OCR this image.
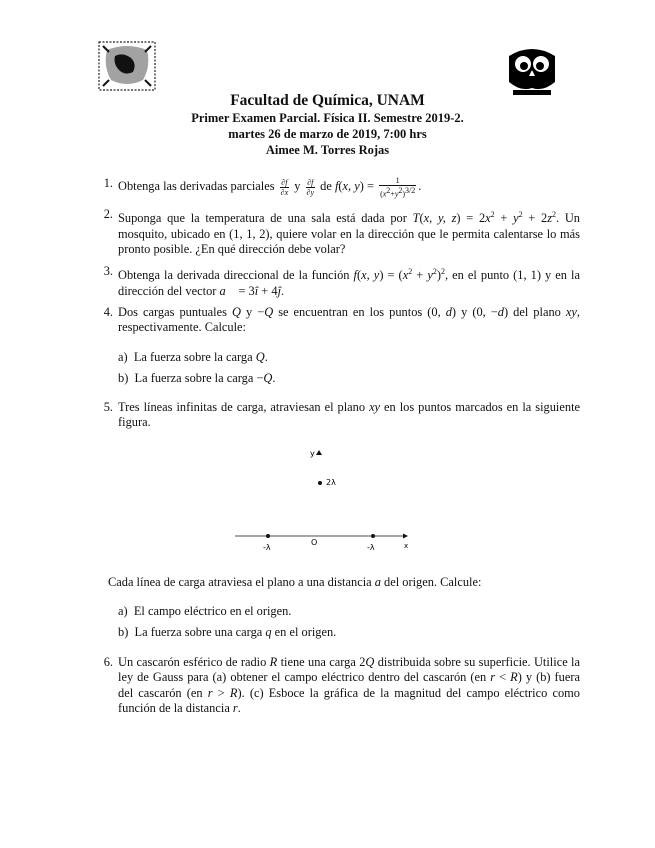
Facultad de Química, UNAM
Primer Examen Parcial. Física II. Semestre 2019-2.
martes 26 de marzo de 2019, 7:00 hrs
Aimee M. Torres Rojas
1. Obtenga las derivadas parciales $\frac{\partial f}{\partial x}$ y $\frac{\partial f}{\partial y}$ de f(x, $y) = \frac{1}{(x^2+y^2)^{3/2}}$ .
2. Suponga que la temperatura de una sala está dada por T(x, y, $z) = 2x^2 + y^2 + 2z^2$. Un mosquito, ubicado en (1, 1, 2), quiere volar en la dirección que le permita calentarse lo más pronto posible. ¿En qué dirección debe volar?
3. Obtenga la derivada direccional de la función f(x, $y) = (x^2 + y^2)^2$, en el punto (1, 1) y en la dirección del vector a⃗ = 3î + 4ĵ.
4. Dos cargas puntuales Q y −Q se encuentran en los puntos (0, d) y (0, −d) del plano xy, respectivamente. Calcule:
a) La fuerza sobre la carga Q.
b) La fuerza sobre la carga −Q.
5. Tres líneas infinitas de carga, atraviesan el plano xy en los puntos marcados en la siguiente figura.
y
2λ
-λ
O
-λ	x
Cada línea de carga atraviesa el plano a una distancia a del origen. Calcule:
a) El campo eléctrico en el origen.
b) La fuerza sobre una carga q en el origen.
6. Un cascarón esférico de radio R tiene una carga 2Q distribuida sobre su superficie. Utilice la ley de Gauss para (a) obtener el campo eléctrico dentro del cascarón (en r < R) y (b) fuera del cascarón (en r > R). (c) Esboce la gráfica de la magnitud del campo eléctrico como función de la distancia r.
